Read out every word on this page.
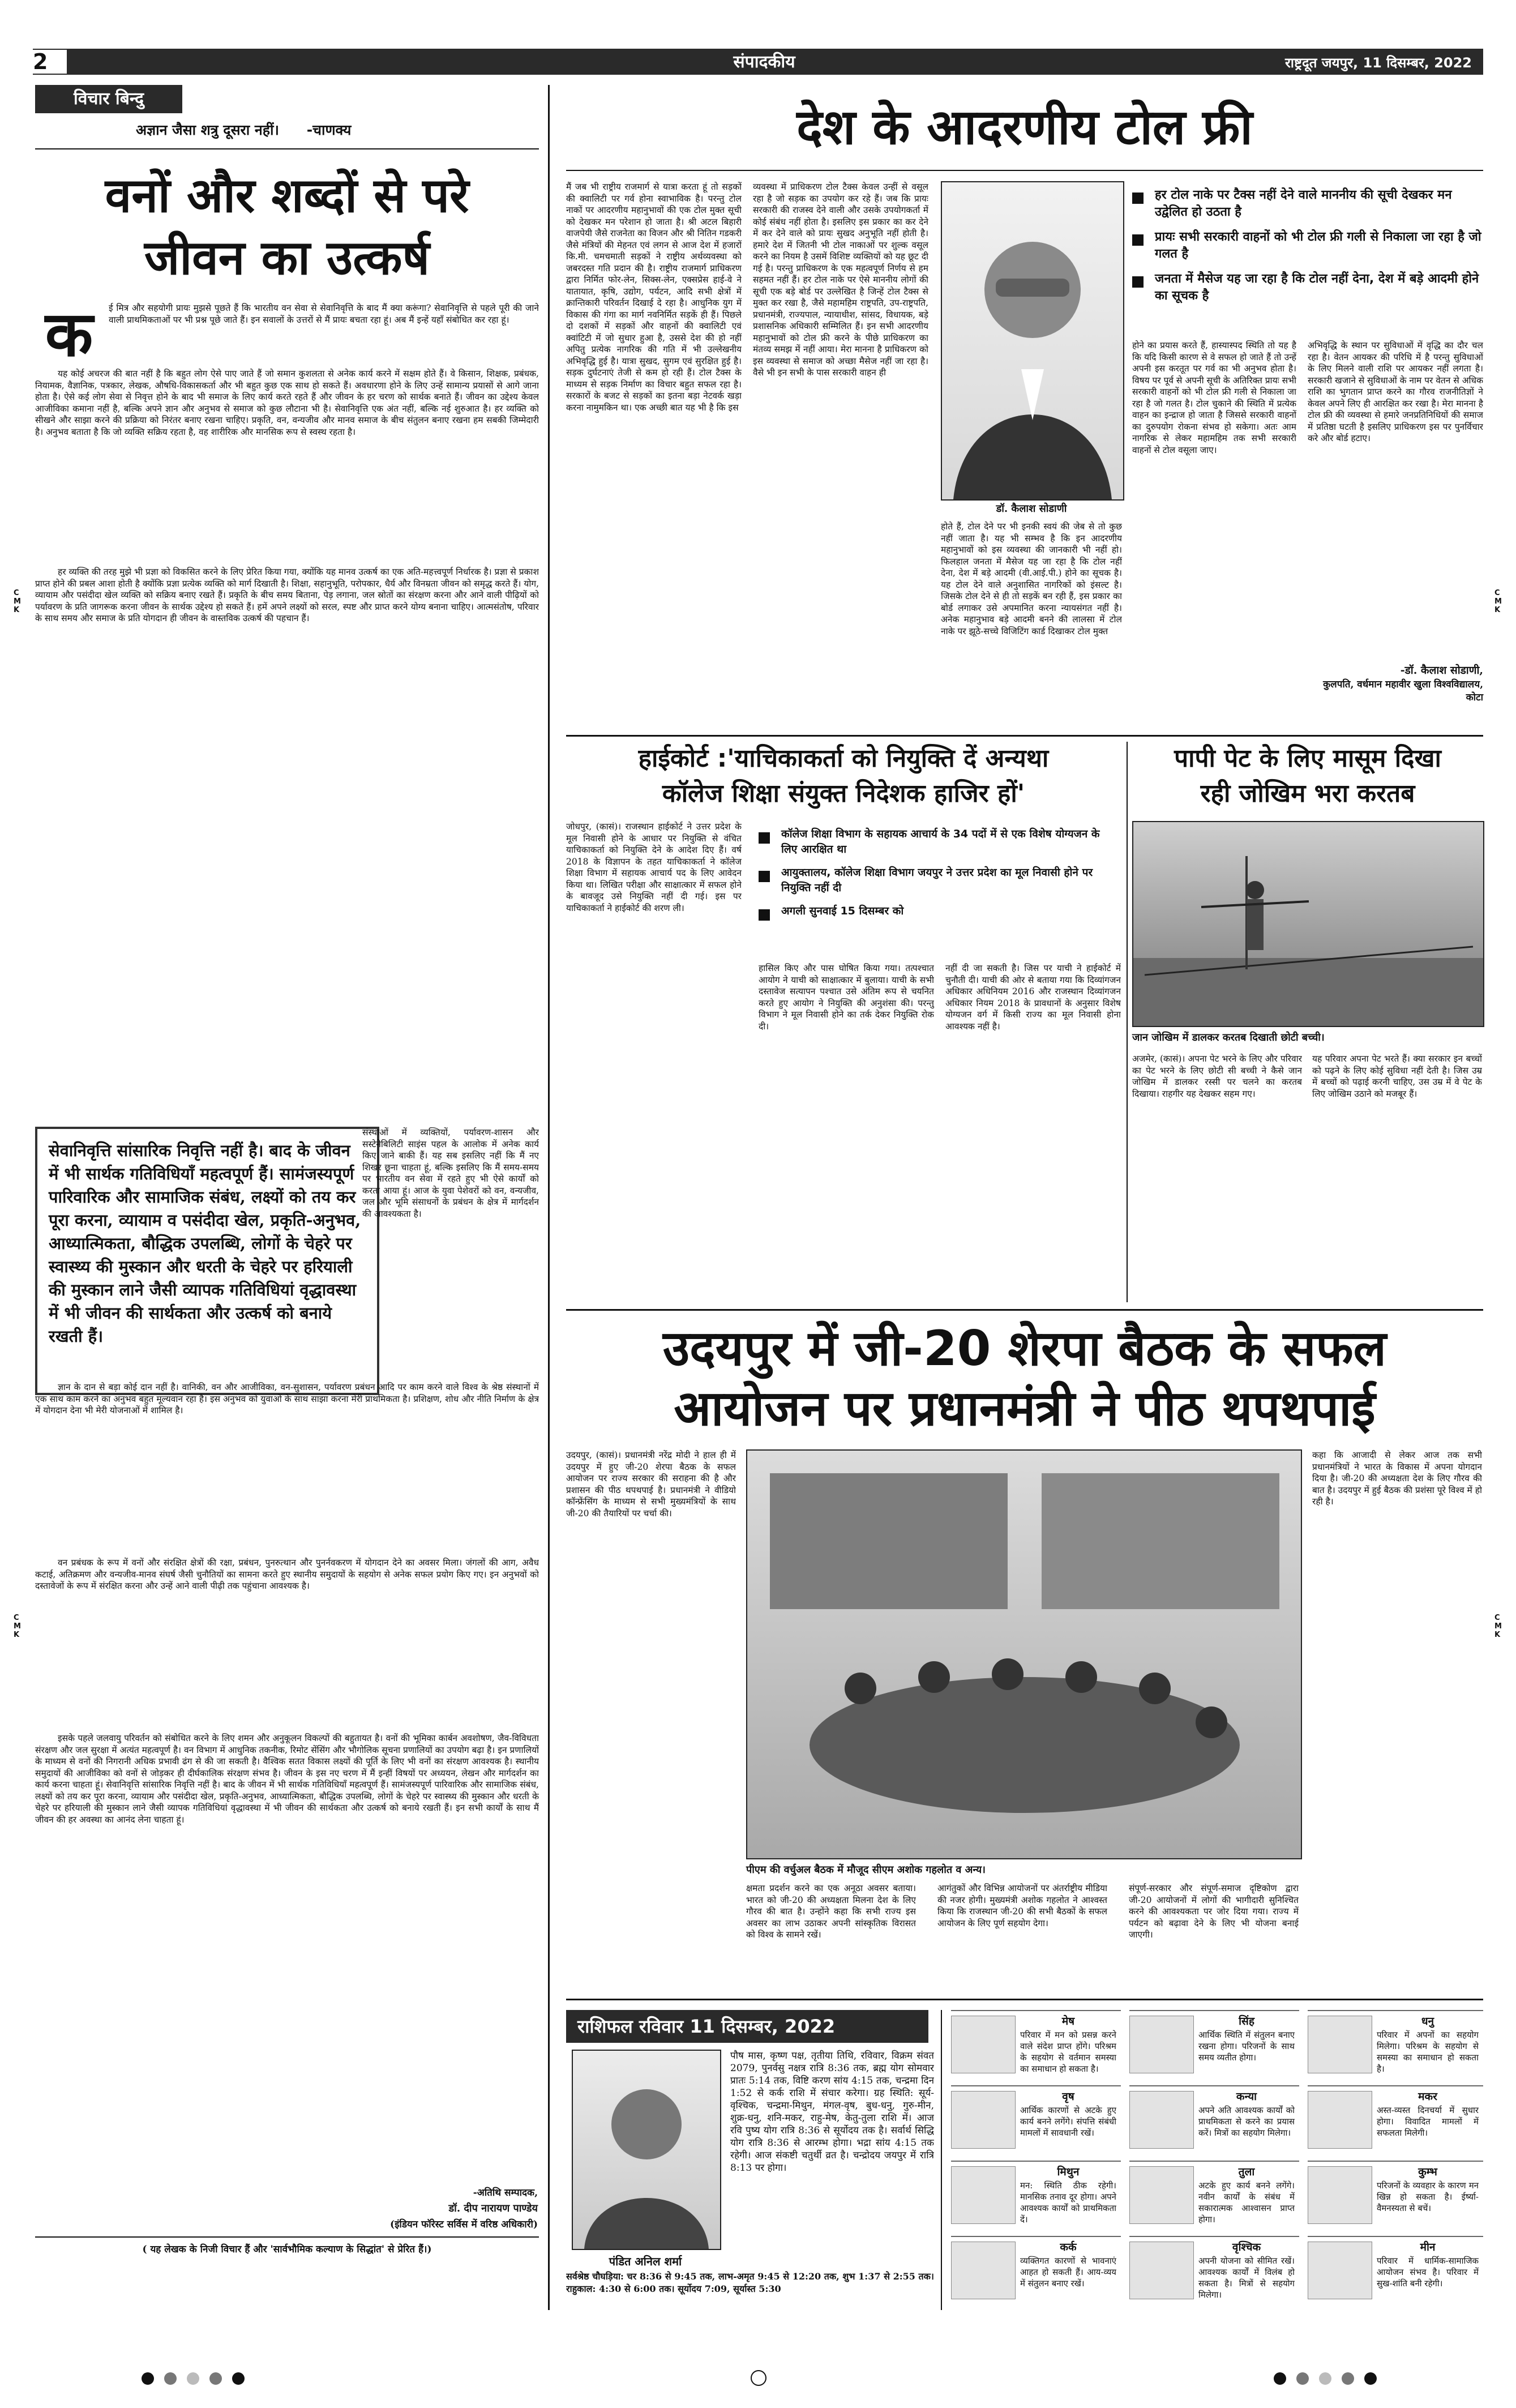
2	संपादकीय	राष्ट्रदूत जयपुर, 11 दिसम्बर, 2022
विचार बिन्दु
अज्ञान जैसा शत्रु दूसरा नहीं। -चाणक्य
वनों और शब्दों से परे
जीवन का उत्कर्ष
क	ई मित्र और सहयोगी प्रायः मुझसे पूछते हैं कि भारतीय वन सेवा से सेवानिवृत्ति के बाद मैं क्या करूंगा? सेवानिवृत्ति से पहले पूरी की जाने वाली प्राथमिकताओं पर भी प्रश्न पूछे जाते हैं। इन सवालों के उत्तरों से मैं प्रायः बचता रहा हूं। अब मैं इन्हें यहाँ संबोधित कर रहा हूं।
यह कोई अचरज की बात नहीं है कि बहुत लोग ऐसे पाए जाते हैं जो समान कुशलता से अनेक कार्य करने में सक्षम होते हैं। वे किसान, शिक्षक, प्रबंधक, नियामक, वैज्ञानिक, पत्रकार, लेखक, औषधि-विकासकर्ता और भी बहुत कुछ एक साथ हो सकते हैं। अवधारणा होने के लिए उन्हें सामान्य प्रयासों से आगे जाना होता है। ऐसे कई लोग सेवा से निवृत्त होने के बाद भी समाज के लिए कार्य करते रहते हैं और जीवन के हर चरण को सार्थक बनाते हैं। जीवन का उद्देश्य केवल आजीविका कमाना नहीं है, बल्कि अपने ज्ञान और अनुभव से समाज को कुछ लौटाना भी है। सेवानिवृत्ति एक अंत नहीं, बल्कि नई शुरुआत है। हर व्यक्ति को सीखने और साझा करने की प्रक्रिया को निरंतर बनाए रखना चाहिए। प्रकृति, वन, वन्यजीव और मानव समाज के बीच संतुलन बनाए रखना हम सबकी जिम्मेदारी है। अनुभव बताता है कि जो व्यक्ति सक्रिय रहता है, वह शारीरिक और मानसिक रूप से स्वस्थ रहता है।
हर व्यक्ति की तरह मुझे भी प्रज्ञा को विकसित करने के लिए प्रेरित किया गया, क्योंकि यह मानव उत्कर्ष का एक अति-महत्त्वपूर्ण निर्धारक है। प्रज्ञा से प्रकाश प्राप्त होने की प्रबल आशा होती है क्योंकि प्रज्ञा प्रत्येक व्यक्ति को मार्ग दिखाती है। शिक्षा, सहानुभूति, परोपकार, धैर्य और विनम्रता जीवन को समृद्ध करते हैं। योग, व्यायाम और पसंदीदा खेल व्यक्ति को सक्रिय बनाए रखते हैं। प्रकृति के बीच समय बिताना, पेड़ लगाना, जल स्रोतों का संरक्षण करना और आने वाली पीढ़ियों को पर्यावरण के प्रति जागरूक करना जीवन के सार्थक उद्देश्य हो सकते हैं। हमें अपने लक्ष्यों को सरल, स्पष्ट और प्राप्त करने योग्य बनाना चाहिए। आत्मसंतोष, परिवार के साथ समय और समाज के प्रति योगदान ही जीवन के वास्तविक उत्कर्ष की पहचान हैं।
सेवानिवृत्ति सांसारिक निवृत्ति नहीं है। बाद के जीवन में भी सार्थक गतिविधियाँ महत्वपूर्ण हैं। सामंजस्यपूर्ण पारिवारिक और सामाजिक संबंध, लक्ष्यों को तय कर पूरा करना, व्यायाम व पसंदीदा खेल, प्रकृति-अनुभव, आध्यात्मिकता, बौद्धिक उपलब्धि, लोगों के चेहरे पर स्वास्थ्य की मुस्कान और धरती के चेहरे पर हरियाली की मुस्कान लाने जैसी व्यापक गतिविधियां वृद्धावस्था में भी जीवन की सार्थकता और उत्कर्ष को बनाये रखती हैं।
संस्थाओं में व्यक्तियों, पर्यावरण-शासन और सस्टेनेबिलिटी साइंस पहल के आलोक में अनेक कार्य किए जाने बाकी हैं। यह सब इसलिए नहीं कि मैं नए शिखर छूना चाहता हूं, बल्कि इसलिए कि मैं समय-समय पर भारतीय वन सेवा में रहते हुए भी ऐसे कार्यों को करता आया हूं। आज के युवा पेशेवरों को वन, वन्यजीव, जल और भूमि संसाधनों के प्रबंधन के क्षेत्र में मार्गदर्शन की आवश्यकता है।
ज्ञान के दान से बड़ा कोई दान नहीं है। वानिकी, वन और आजीविका, वन-सुशासन, पर्यावरण प्रबंधन आदि पर काम करने वाले विश्व के श्रेष्ठ संस्थानों में एक साथ काम करने का अनुभव बहुत मूल्यवान रहा है। इस अनुभव को युवाओं के साथ साझा करना मेरी प्राथमिकता है। प्रशिक्षण, शोध और नीति निर्माण के क्षेत्र में योगदान देना भी मेरी योजनाओं में शामिल है।
वन प्रबंधक के रूप में वनों और संरक्षित क्षेत्रों की रक्षा, प्रबंधन, पुनरुत्थान और पुनर्नवकरण में योगदान देने का अवसर मिला। जंगलों की आग, अवैध कटाई, अतिक्रमण और वन्यजीव-मानव संघर्ष जैसी चुनौतियों का सामना करते हुए स्थानीय समुदायों के सहयोग से अनेक सफल प्रयोग किए गए। इन अनुभवों को दस्तावेजों के रूप में संरक्षित करना और उन्हें आने वाली पीढ़ी तक पहुंचाना आवश्यक है।
इसके पहले जलवायु परिवर्तन को संबोधित करने के लिए शमन और अनुकूलन विकल्पों की बहुतायत है। वनों की भूमिका कार्बन अवशोषण, जैव-विविधता संरक्षण और जल सुरक्षा में अत्यंत महत्वपूर्ण है। वन विभाग में आधुनिक तकनीक, रिमोट सेंसिंग और भौगोलिक सूचना प्रणालियों का उपयोग बढ़ा है। इन प्रणालियों के माध्यम से वनों की निगरानी अधिक प्रभावी ढंग से की जा सकती है। वैश्विक सतत विकास लक्ष्यों की पूर्ति के लिए भी वनों का संरक्षण आवश्यक है। स्थानीय समुदायों की आजीविका को वनों से जोड़कर ही दीर्घकालिक संरक्षण संभव है। जीवन के इस नए चरण में मैं इन्हीं विषयों पर अध्ययन, लेखन और मार्गदर्शन का कार्य करना चाहता हूं। सेवानिवृत्ति सांसारिक निवृत्ति नहीं है। बाद के जीवन में भी सार्थक गतिविधियाँ महत्वपूर्ण हैं। सामंजस्यपूर्ण पारिवारिक और सामाजिक संबंध, लक्ष्यों को तय कर पूरा करना, व्यायाम और पसंदीदा खेल, प्रकृति-अनुभव, आध्यात्मिकता, बौद्धिक उपलब्धि, लोगों के चेहरे पर स्वास्थ्य की मुस्कान और धरती के चेहरे पर हरियाली की मुस्कान लाने जैसी व्यापक गतिविधियां वृद्धावस्था में भी जीवन की सार्थकता और उत्कर्ष को बनाये रखती हैं। इन सभी कार्यों के साथ मैं जीवन की हर अवस्था का आनंद लेना चाहता हूं।
-अतिथि सम्पादक,
डॉ. दीप नारायण पाण्डेय
(इंडियन फॉरेस्ट सर्विस में वरिष्ठ अधिकारी)
( यह लेखक के निजी विचार हैं और 'सार्वभौमिक कल्याण के सिद्धांत' से प्रेरित हैं।)
देश के आदरणीय टोल फ्री
मैं जब भी राष्ट्रीय राजमार्ग से यात्रा करता हूं तो सड़कों की क्वालिटी पर गर्व होना स्वाभाविक है। परन्तु टोल नाकों पर आदरणीय महानुभावों की एक टोल मुक्त सूची को देखकर मन परेशान हो जाता है। श्री अटल बिहारी वाजपेयी जैसे राजनेता का विजन और श्री नितिन गडकरी जैसे मंत्रियों की मेहनत एवं लगन से आज देश में हजारों कि.मी. चमचमाती सड़कों ने राष्ट्रीय अर्थव्यवस्था को जबरदस्त गति प्रदान की है। राष्ट्रीय राजमार्ग प्राधिकरण द्वारा निर्मित फोर-लेन, सिक्स-लेन, एक्सप्रेस हाई-वे ने यातायात, कृषि, उद्योग, पर्यटन, आदि सभी क्षेत्रों में क्रान्तिकारी परिवर्तन दिखाई दे रहा है। आधुनिक युग में विकास की गंगा का मार्ग नवनिर्मित सड़कें ही हैं। पिछले दो दशकों में सड़कों और वाहनों की क्वालिटी एवं क्वांटिटी में जो सुधार हुआ है, उससे देश की हो नहीं अपितु प्रत्येक नागरिक की गति में भी उल्लेखनीय अभिवृद्धि हुई है। यात्रा सुखद, सुगम एवं सुरक्षित हुई है। सड़क दुर्घटनाएं तेजी से कम हो रही हैं। टोल टैक्स के माध्यम से सड़क निर्माण का विचार बहुत सफल रहा है। सरकारों के बजट से सड़कों का इतना बड़ा नेटवर्क खड़ा करना नामुमकिन था। एक अच्छी बात यह भी है कि इस
व्यवस्था में प्राधिकरण टोल टैक्स केवल उन्हीं से वसूल रहा है जो सड़क का उपयोग कर रहे हैं। जब कि प्रायः सरकारी की राजस्व देने वाली और उसके उपयोगकर्ता में कोई संबंध नहीं होता है। इसलिए इस प्रकार का कर देने में कर देने वाले को प्रायः सुखद अनुभूति नहीं होती है। हमारे देश में जितनी भी टोल नाकाओं पर शुल्क वसूल करने का नियम है उसमें विशिष्ट व्यक्तियों को यह छूट दी गई है। परन्तु प्राधिकरण के एक महत्वपूर्ण निर्णय से हम सहमत नहीं हैं। हर टोल नाके पर ऐसे माननीय लोगों की सूची एक बड़े बोर्ड पर उल्लेखित है जिन्हें टोल टैक्स से मुक्त कर रखा है, जैसे महामहिम राष्ट्रपति, उप-राष्ट्रपति, प्रधानमंत्री, राज्यपाल, न्यायाधीश, सांसद, विधायक, बड़े प्रशासनिक अधिकारी सम्मिलित हैं। इन सभी आदरणीय महानुभावों को टोल फ्री करने के पीछे प्राधिकरण का मंतव्य समझ में नहीं आया। मेरा मानना है प्राधिकरण को इस व्यवस्था से समाज को अच्छा मैसेज नहीं जा रहा है। वैसे भी इन सभी के पास सरकारी वाहन ही
डॉ. कैलाश सोडाणी
होते हैं, टोल देने पर भी इनकी स्वयं की जेब से तो कुछ नहीं जाता है। यह भी सम्भव है कि इन आदरणीय महानुभावों को इस व्यवस्था की जानकारी भी नहीं हो। फिलहाल जनता में मैसेज यह जा रहा है कि टोल नहीं देना, देश में बड़े आदमी (वी.आई.पी.) होने का सूचक है। यह टोल देने वाले अनुशासित नागरिकों को इंसल्ट है। जिसके टोल देने से ही तो सड़कें बन रही हैं, इस प्रकार का बोर्ड लगाकर उसे अपमानित करना न्यायसंगत नहीं है। अनेक महानुभाव बड़े आदमी बनने की लालसा में टोल नाके पर झूठे-सच्चे विजिटिंग कार्ड दिखाकर टोल मुक्त
हर टोल नाके पर टैक्स नहीं देने वाले माननीय की सूची देखकर मन उद्वेलित हो उठता है
प्रायः सभी सरकारी वाहनों को भी टोल फ्री गली से निकाला जा रहा है जो गलत है
जनता में मैसेज यह जा रहा है कि टोल नहीं देना, देश में बड़े आदमी होने का सूचक है
होने का प्रयास करते हैं, हास्यास्पद स्थिति तो यह है कि यदि किसी कारण से वे सफल हो जाते हैं तो उन्हें अपनी इस करतूत पर गर्व का भी अनुभव होता है। विषय पर पूर्व से अपनी सूची के अतिरिक्त प्रायः सभी सरकारी वाहनों को भी टोल फ्री गली से निकाला जा रहा है जो गलत है। टोल चुकाने की स्थिति में प्रत्येक वाहन का इन्द्राज हो जाता है जिससे सरकारी वाहनों का दुरुपयोग रोकना संभव हो सकेगा। अतः आम नागरिक से लेकर महामहिम तक सभी सरकारी वाहनों से टोल वसूला जाए।
अभिवृद्धि के स्थान पर सुविधाओं में वृद्धि का दौर चल रहा है। वेतन आयकर की परिधि में है परन्तु सुविधाओं के लिए मिलने वाली राशि पर आयकर नहीं लगता है। सरकारी खजाने से सुविधाओं के नाम पर वेतन से अधिक राशि का भुगतान प्राप्त करने का गौरव राजनीतिज्ञों ने केवल अपने लिए ही आरक्षित कर रखा है। मेरा मानना है टोल फ्री की व्यवस्था से हमारे जनप्रतिनिधियों की समाज में प्रतिष्ठा घटती है इसलिए प्राधिकरण इस पर पुनर्विचार करे और बोर्ड हटाए।
-डॉ. कैलाश सोडाणी,
कुलपति, वर्धमान महावीर खुला विश्वविद्यालय, कोटा
हाईकोर्ट :'याचिकाकर्ता को नियुक्ति दें अन्यथा
कॉलेज शिक्षा संयुक्त निदेशक हाजिर हों'
जोधपुर, (कासं)। राजस्थान हाईकोर्ट ने उत्तर प्रदेश के मूल निवासी होने के आधार पर नियुक्ति से वंचित याचिकाकर्ता को नियुक्ति देने के आदेश दिए हैं। वर्ष 2018 के विज्ञापन के तहत याचिकाकर्ता ने कॉलेज शिक्षा विभाग में सहायक आचार्य पद के लिए आवेदन किया था। लिखित परीक्षा और साक्षात्कार में सफल होने के बावजूद उसे नियुक्ति नहीं दी गई। इस पर याचिकाकर्ता ने हाईकोर्ट की शरण ली।
कॉलेज शिक्षा विभाग के सहायक आचार्य के 34 पदों में से एक विशेष योग्यजन के लिए आरक्षित था
आयुक्तालय, कॉलेज शिक्षा विभाग जयपुर ने उत्तर प्रदेश का मूल निवासी होने पर नियुक्ति नहीं दी
अगली सुनवाई 15 दिसम्बर को
हासिल किए और पास घोषित किया गया। तत्पश्चात आयोग ने याची को साक्षात्कार में बुलाया। याची के सभी दस्तावेज सत्यापन पश्चात उसे अंतिम रूप से चयनित करते हुए आयोग ने नियुक्ति की अनुशंसा की। परन्तु विभाग ने मूल निवासी होने का तर्क देकर नियुक्ति रोक दी।
नहीं दी जा सकती है। जिस पर याची ने हाईकोर्ट में चुनौती दी। याची की ओर से बताया गया कि दिव्यांगजन अधिकार अधिनियम 2016 और राजस्थान दिव्यांगजन अधिकार नियम 2018 के प्रावधानों के अनुसार विशेष योग्यजन वर्ग में किसी राज्य का मूल निवासी होना आवश्यक नहीं है।
पापी पेट के लिए मासूम दिखा
रही जोखिम भरा करतब
जान जोखिम में डालकर करतब दिखाती छोटी बच्ची।
अजमेर, (कासं)। अपना पेट भरने के लिए और परिवार का पेट भरने के लिए छोटी सी बच्ची ने कैसे जान जोखिम में डालकर रस्सी पर चलने का करतब दिखाया। राहगीर यह देखकर सहम गए।
यह परिवार अपना पेट भरते हैं। क्या सरकार इन बच्चों को पढ़ने के लिए कोई सुविधा नहीं देती है। जिस उम्र में बच्चों को पढ़ाई करनी चाहिए, उस उम्र में वे पेट के लिए जोखिम उठाने को मजबूर हैं।
उदयपुर में जी-20 शेरपा बैठक के सफल
आयोजन पर प्रधानमंत्री ने पीठ थपथपाई
उदयपुर, (कासं)। प्रधानमंत्री नरेंद्र मोदी ने हाल ही में उदयपुर में हुए जी-20 शेरपा बैठक के सफल आयोजन पर राज्य सरकार की सराहना की है और प्रशासन की पीठ थपथपाई है। प्रधानमंत्री ने वीडियो कॉन्फ्रेंसिंग के माध्यम से सभी मुख्यमंत्रियों के साथ जी-20 की तैयारियों पर चर्चा की।
पीएम की वर्चुअल बैठक में मौजूद सीएम अशोक गहलोत व अन्य।
क्षमता प्रदर्शन करने का एक अनूठा अवसर बताया। भारत को जी-20 की अध्यक्षता मिलना देश के लिए गौरव की बात है। उन्होंने कहा कि सभी राज्य इस अवसर का लाभ उठाकर अपनी सांस्कृतिक विरासत को विश्व के सामने रखें।
आगंतुकों और विभिन्न आयोजनों पर अंतर्राष्ट्रीय मीडिया की नजर होगी। मुख्यमंत्री अशोक गहलोत ने आश्वस्त किया कि राजस्थान जी-20 की सभी बैठकों के सफल आयोजन के लिए पूर्ण सहयोग देगा।
संपूर्ण-सरकार और संपूर्ण-समाज दृष्टिकोण द्वारा जी-20 आयोजनों में लोगों की भागीदारी सुनिश्चित करने की आवश्यकता पर जोर दिया गया। राज्य में पर्यटन को बढ़ावा देने के लिए भी योजना बनाई जाएगी।
कहा कि आजादी से लेकर आज तक सभी प्रधानमंत्रियों ने भारत के विकास में अपना योगदान दिया है। जी-20 की अध्यक्षता देश के लिए गौरव की बात है। उदयपुर में हुई बैठक की प्रशंसा पूरे विश्व में हो रही है।
राशिफल रविवार 11 दिसम्बर, 2022
पंडित अनिल शर्मा
पौष मास, कृष्ण पक्ष, तृतीया तिथि, रविवार, विक्रम संवत 2079, पुनर्वसु नक्षत्र रात्रि 8:36 तक, ब्रह्म योग सोमवार प्रातः 5:14 तक, विष्टि करण सांय 4:15 तक, चन्द्रमा दिन 1:52 से कर्क राशि में संचार करेगा। ग्रह स्थिति: सूर्य-वृश्चिक, चन्द्रमा-मिथुन, मंगल-वृष, बुध-धनु, गुरु-मीन, शुक्र-धनु, शनि-मकर, राहु-मेष, केतु-तुला राशि में। आज रवि पुष्य योग रात्रि 8:36 से सूर्योदय तक है। सर्वार्थ सिद्धि योग रात्रि 8:36 से आरम्भ होगा। भद्रा सांय 4:15 तक रहेगी। आज संकष्टी चतुर्थी व्रत है। चन्द्रोदय जयपुर में रात्रि 8:13 पर होगा।
सर्वश्रेष्ठ चौघड़िया: चर 8:36 से 9:45 तक, लाभ-अमृत 9:45 से 12:20 तक, शुभ 1:37 से 2:55 तक। राहुकाल: 4:30 से 6:00 तक। सूर्योदय 7:09, सूर्यास्त 5:30
मेष
परिवार में मन को प्रसन्न करने वाले संदेश प्राप्त होंगे। परिश्रम के सहयोग से वर्तमान समस्या का समाधान हो सकता है।
सिंह
आर्थिक स्थिति में संतुलन बनाए रखना होगा। परिजनों के साथ समय व्यतीत होगा।
धनु
परिवार में अपनों का सहयोग मिलेगा। परिश्रम के सहयोग से समस्या का समाधान हो सकता है।
वृष
आर्थिक कारणों से अटके हुए कार्य बनने लगेंगे। संपत्ति संबंधी मामलों में सावधानी रखें।
कन्या
अपने अति आवश्यक कार्यों को प्राथमिकता से करने का प्रयास करें। मित्रों का सहयोग मिलेगा।
मकर
अस्त-व्यस्त दिनचर्या में सुधार होगा। विवादित मामलों में सफलता मिलेगी।
मिथुन
मन: स्थिति ठीक रहेगी। मानसिक तनाव दूर होगा। अपने आवश्यक कार्यों को प्राथमिकता दें।
तुला
अटके हुए कार्य बनने लगेंगे। नवीन कार्यों के संबंध में सकारात्मक आश्वासन प्राप्त होगा।
कुम्भ
परिजनों के व्यवहार के कारण मन खिन्न हो सकता है। ईर्ष्या-वैमनस्यता से बचें।
कर्क
व्यक्तिगत कारणों से भावनाएं आहत हो सकती हैं। आय-व्यय में संतुलन बनाए रखें।
वृश्चिक
अपनी योजना को सीमित रखें। आवश्यक कार्यों में विलंब हो सकता है। मित्रों से सहयोग मिलेगा।
मीन
परिवार में धार्मिक-सामाजिक आयोजन संभव है। परिवार में सुख-शांति बनी रहेगी।
CMK
CMK
CMK
CMK
